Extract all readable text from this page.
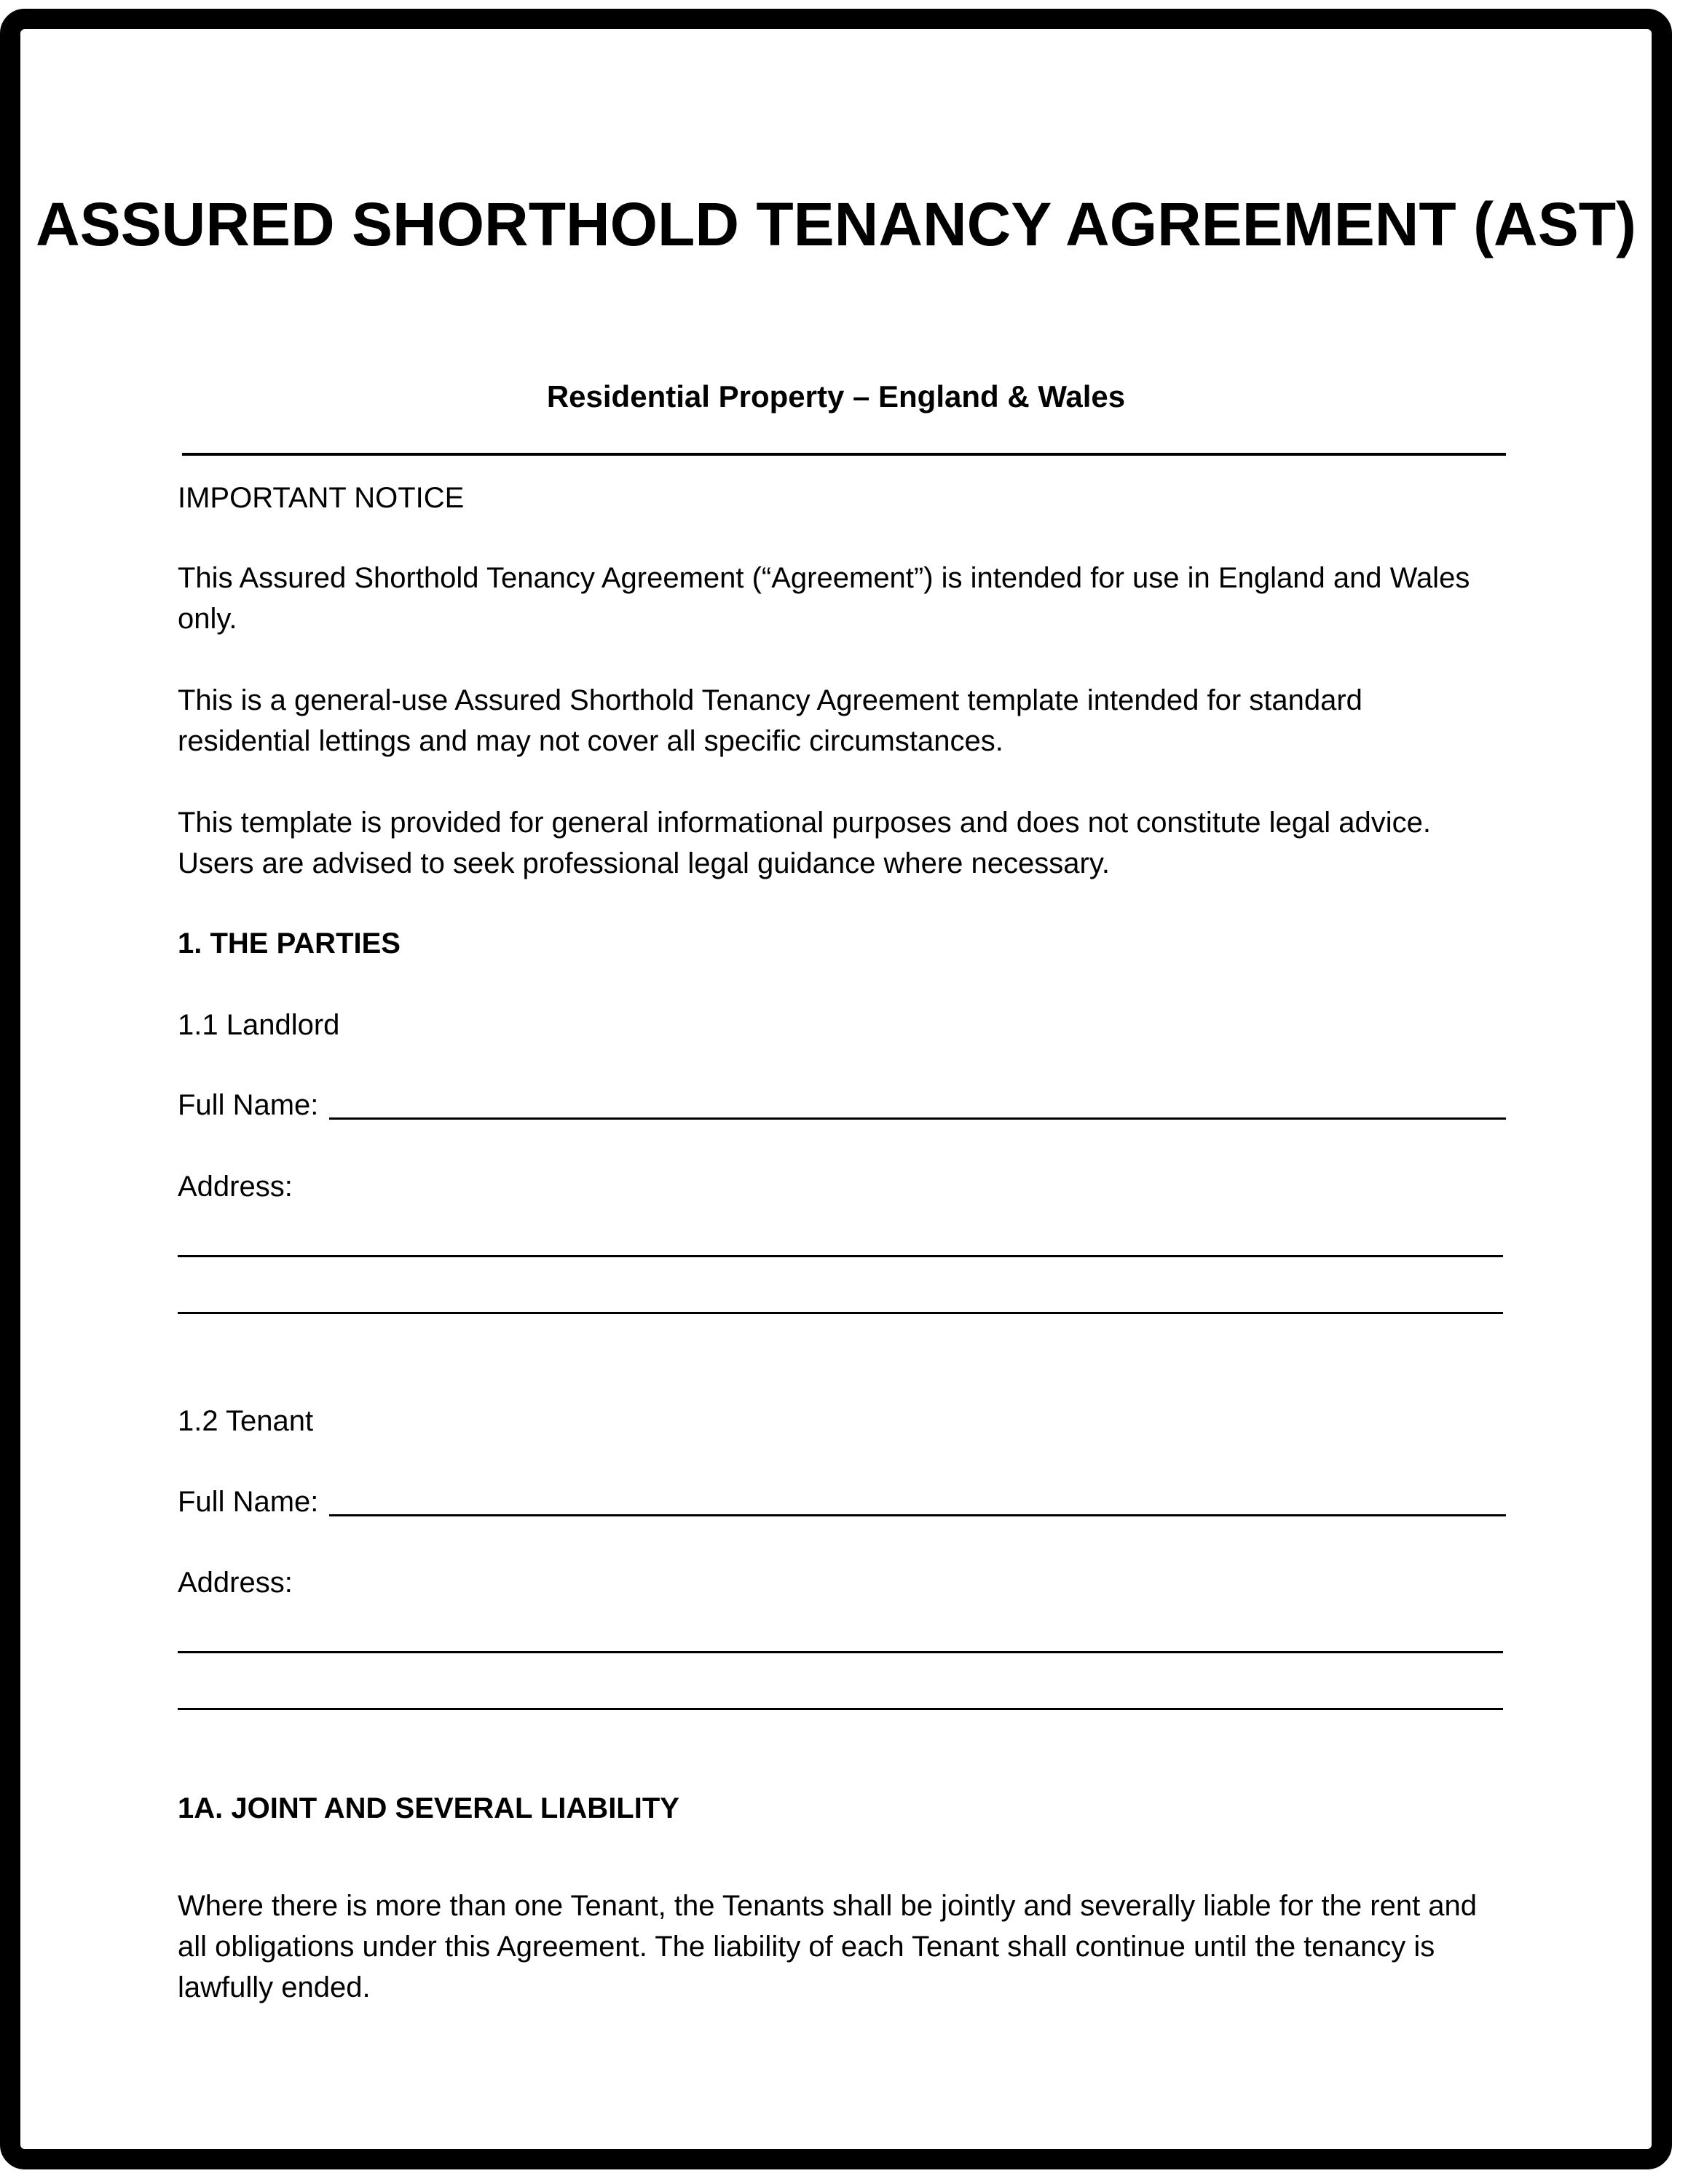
ASSURED SHORTHOLD TENANCY AGREEMENT (AST)
Residential Property – England & Wales

IMPORTANT NOTICE

This Assured Shorthold Tenancy Agreement (“Agreement”) is intended for use in England and Wales only.

This is a general-use Assured Shorthold Tenancy Agreement template intended for standard residential lettings and may not cover all specific circumstances.

This template is provided for general informational purposes and does not constitute legal advice. Users are advised to seek professional legal guidance where necessary.

1. THE PARTIES

1.1 Landlord

Full Name:

Address:

1.2 Tenant

Full Name:

Address:

1A. JOINT AND SEVERAL LIABILITY

Where there is more than one Tenant, the Tenants shall be jointly and severally liable for the rent and all obligations under this Agreement. The liability of each Tenant shall continue until the tenancy is lawfully ended.
